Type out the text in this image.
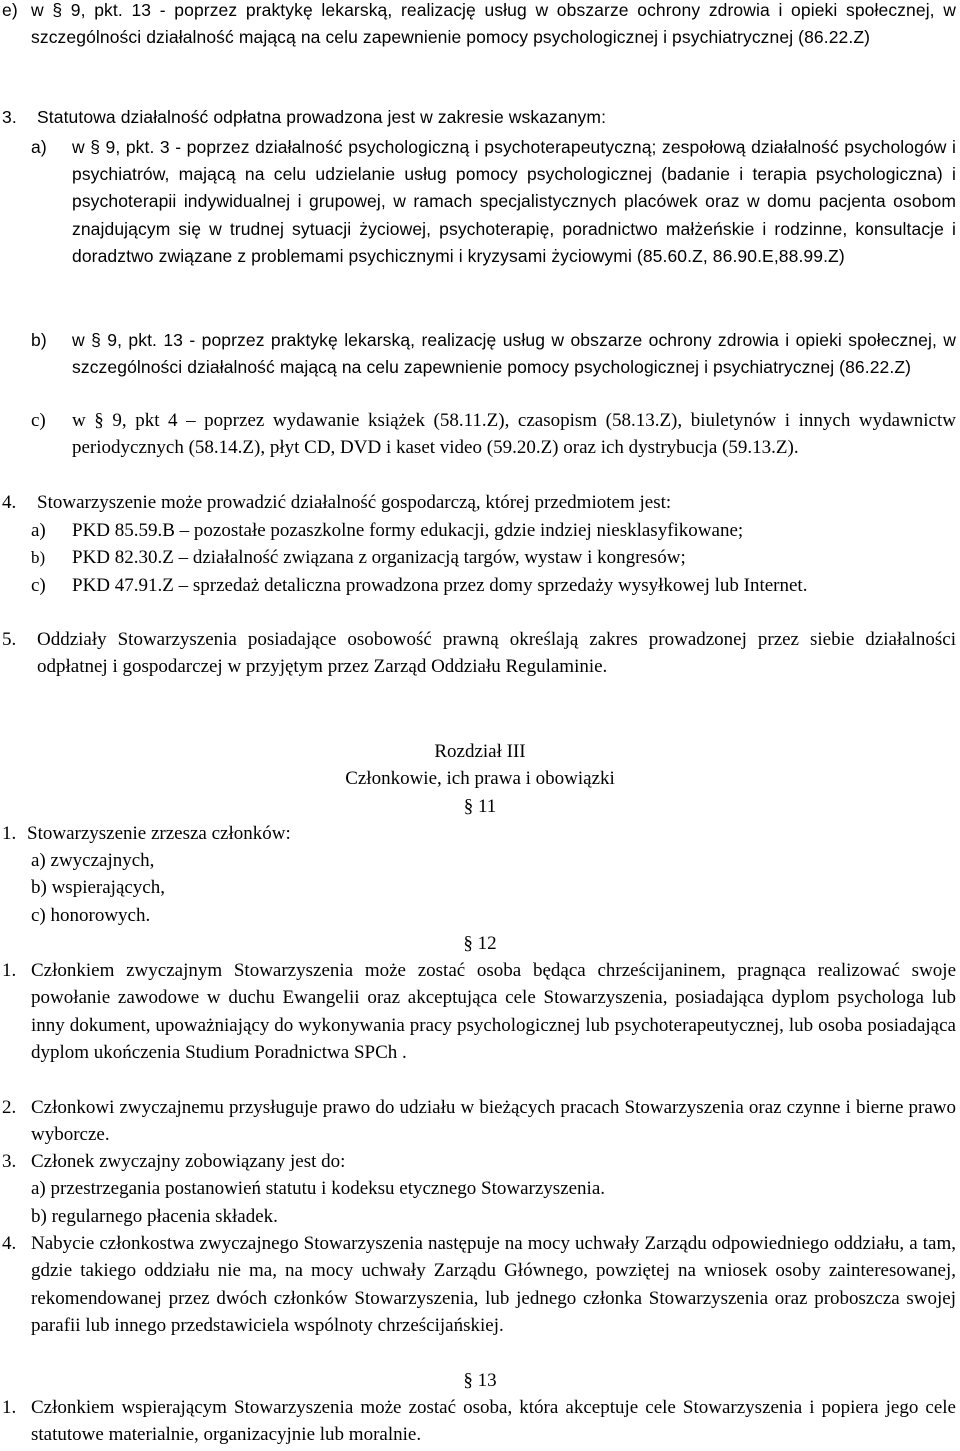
e) w § 9, pkt. 13 - poprzez praktykę lekarską, realizację usług w obszarze ochrony zdrowia i opieki społecznej, w szczególności działalność mającą na celu zapewnienie pomocy psychologicznej i psychiatrycznej (86.22.Z)

3. Statutowa działalność odpłatna prowadzona jest w zakresie wskazanym:

a) w § 9, pkt. 3 - poprzez działalność psychologiczną i psychoterapeutyczną; zespołową działalność psychologów i psychiatrów, mającą na celu udzielanie usług pomocy psychologicznej (badanie i terapia psychologiczna) i psychoterapii indywidualnej i grupowej, w ramach specjalistycznych placówek oraz w domu pacjenta osobom znajdującym się w trudnej sytuacji życiowej, psychoterapię, poradnictwo małżeńskie i rodzinne, konsultacje i doradztwo związane z problemami psychicznymi i kryzysami życiowymi (85.60.Z, 86.90.E,88.99.Z)

b) w § 9, pkt. 13 - poprzez praktykę lekarską, realizację usług w obszarze ochrony zdrowia i opieki społecznej, w szczególności działalność mającą na celu zapewnienie pomocy psychologicznej i psychiatrycznej (86.22.Z)

c) w § 9, pkt 4 – poprzez wydawanie książek (58.11.Z), czasopism (58.13.Z), biuletynów i innych wydawnictw periodycznych (58.14.Z), płyt CD, DVD i kaset video (59.20.Z) oraz ich dystrybucja (59.13.Z).

4. Stowarzyszenie może prowadzić działalność gospodarczą, której przedmiotem jest:

a) PKD 85.59.B – pozostałe pozaszkolne formy edukacji, gdzie indziej niesklasyfikowane;

b) PKD 82.30.Z – działalność związana z organizacją targów, wystaw i kongresów;

c) PKD 47.91.Z – sprzedaż detaliczna prowadzona przez domy sprzedaży wysyłkowej lub Internet.

5. Oddziały Stowarzyszenia posiadające osobowość prawną określają zakres prowadzonej przez siebie działalności odpłatnej i gospodarczej w przyjętym przez Zarząd Oddziału Regulaminie.

Rozdział III

Członkowie, ich prawa i obowiązki

§ 11
1. Stowarzyszenie zrzesza członków:

a) zwyczajnych,

b) wspierających,

c) honorowych.

§ 12
1. Członkiem zwyczajnym Stowarzyszenia może zostać osoba będąca chrześcijaninem, pragnąca realizować swoje powołanie zawodowe w duchu Ewangelii oraz akceptująca cele Stowarzyszenia, posiadająca dyplom psychologa lub inny dokument, upoważniający do wykonywania pracy psychologicznej lub psychoterapeutycznej, lub osoba posiadająca dyplom ukończenia Studium Poradnictwa SPCh .

2. Członkowi zwyczajnemu przysługuje prawo do udziału w bieżących pracach Stowarzyszenia oraz czynne i bierne prawo wyborcze.

3. Członek zwyczajny zobowiązany jest do:

a) przestrzegania postanowień statutu i kodeksu etycznego Stowarzyszenia.

b) regularnego płacenia składek.

4. Nabycie członkostwa zwyczajnego Stowarzyszenia następuje na mocy uchwały Zarządu odpowiedniego oddziału, a tam, gdzie takiego oddziału nie ma, na mocy uchwały Zarządu Głównego, powziętej na wniosek osoby zainteresowanej, rekomendowanej przez dwóch członków Stowarzyszenia, lub jednego członka Stowarzyszenia oraz proboszcza swojej parafii lub innego przedstawiciela wspólnoty chrześcijańskiej.

§ 13
1. Członkiem wspierającym Stowarzyszenia może zostać osoba, która akceptuje cele Stowarzyszenia i popiera jego cele statutowe materialnie, organizacyjnie lub moralnie.
